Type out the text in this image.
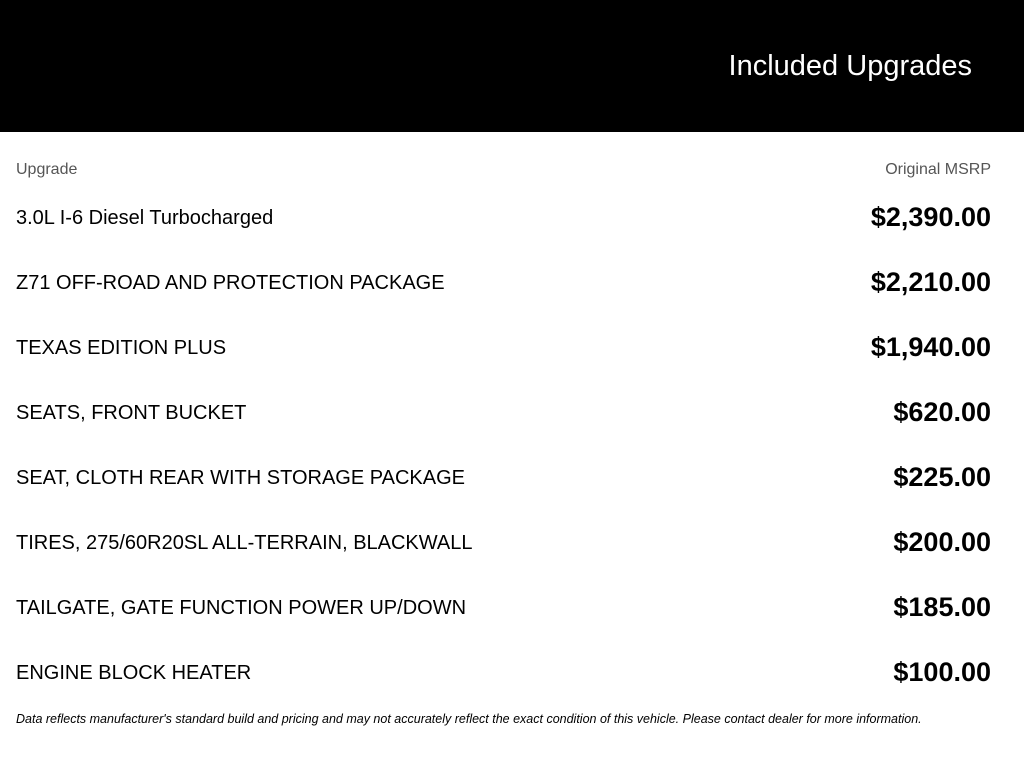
Included Upgrades
Upgrade	Original MSRP
3.0L I-6 Diesel Turbocharged	$2,390.00
Z71 OFF-ROAD AND PROTECTION PACKAGE	$2,210.00
TEXAS EDITION PLUS	$1,940.00
SEATS, FRONT BUCKET	$620.00
SEAT, CLOTH REAR WITH STORAGE PACKAGE	$225.00
TIRES, 275/60R20SL ALL-TERRAIN, BLACKWALL	$200.00
TAILGATE, GATE FUNCTION POWER UP/DOWN	$185.00
ENGINE BLOCK HEATER	$100.00
Data reflects manufacturer's standard build and pricing and may not accurately reflect the exact condition of this vehicle. Please contact dealer for more information.
